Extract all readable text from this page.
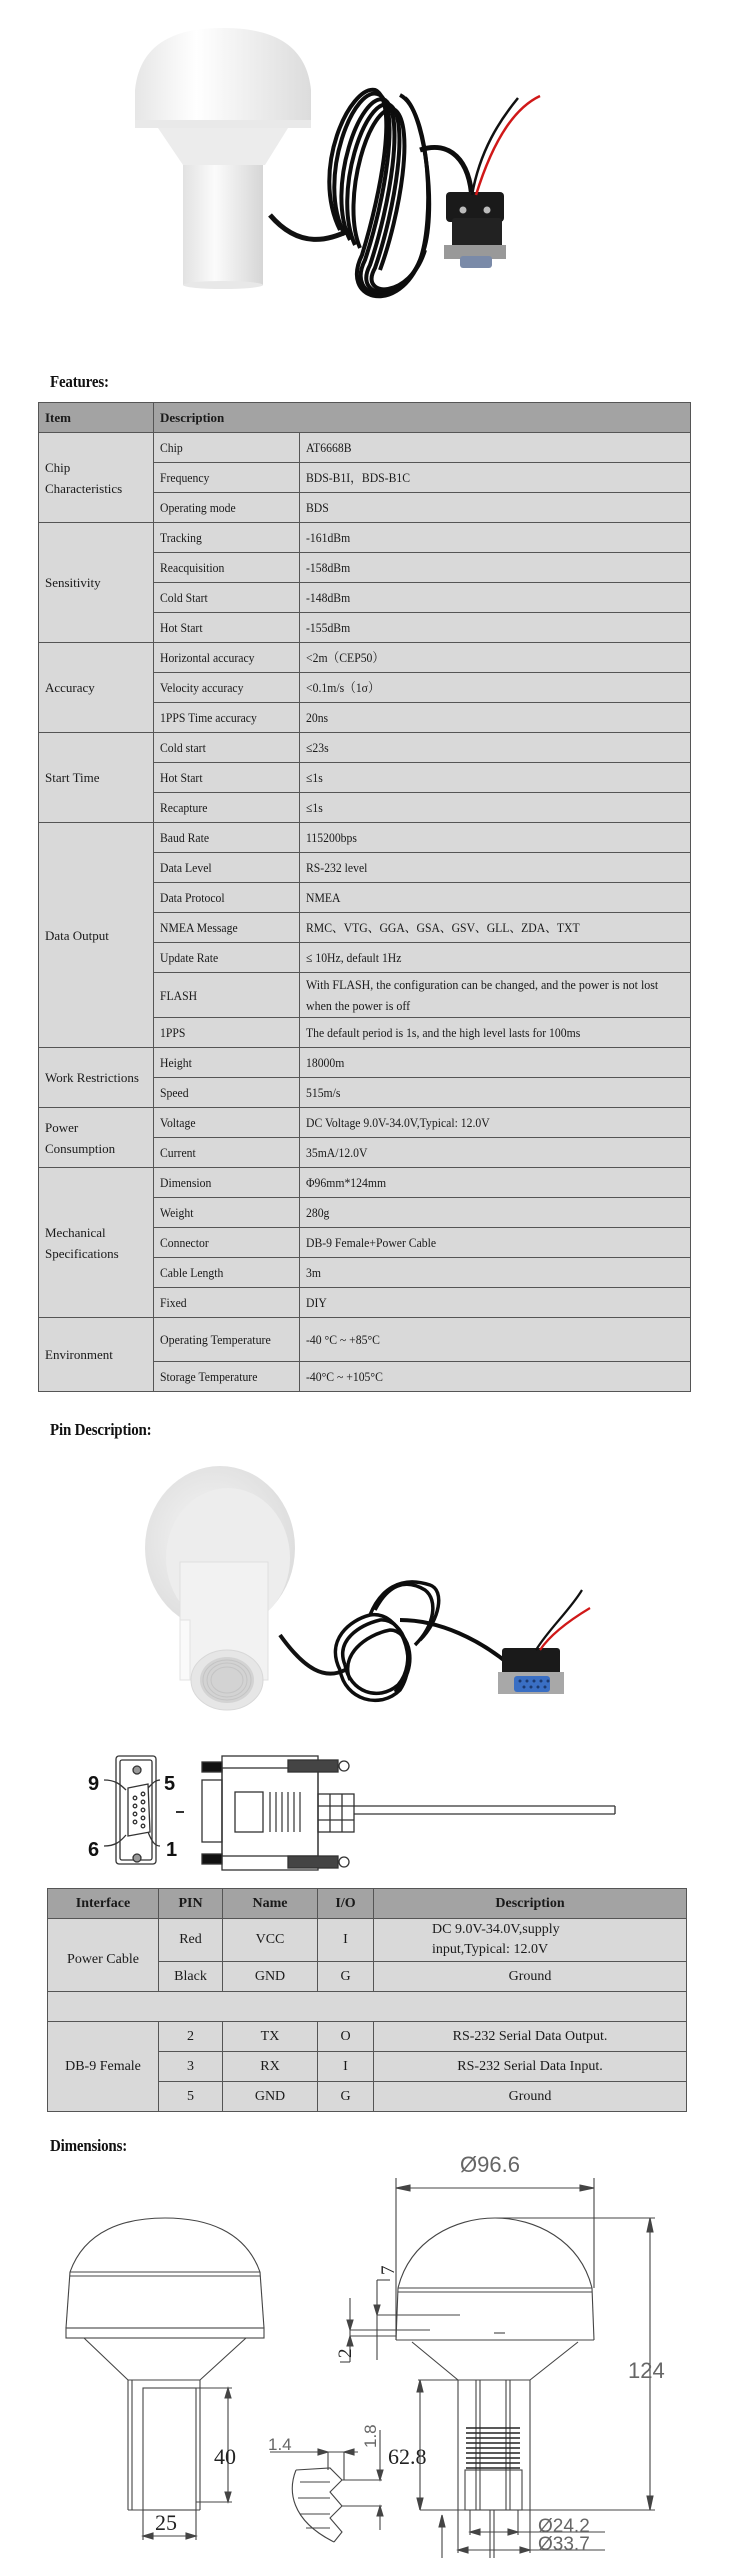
Features:
Item	Description	
Chip Characteristics	Chip	AT6668B
	Frequency	BDS-B1I，BDS-B1C
	Operating mode	BDS
Sensitivity	Tracking	-161dBm
	Reacquisition	-158dBm
	Cold Start	-148dBm
	Hot Start	-155dBm
Accuracy	Horizontal accuracy	<2m（CEP50）
	Velocity accuracy	<0.1m/s（1σ）
	1PPS Time accuracy	20ns
Start Time	Cold start	≤23s
	Hot Start	≤1s
	Recapture	≤1s
Data Output	Baud Rate	115200bps
	Data Level	RS-232 level
	Data Protocol	NMEA
	NMEA Message	RMC、VTG、GGA、GSA、GSV、GLL、ZDA、TXT
	Update Rate	≤ 10Hz, default 1Hz
	FLASH	With FLASH, the configuration can be changed, and the power is not lost when the power is off

	1PPS	The default period is 1s, and the high level lasts for 100ms
Work Restrictions	Height	18000m
	Speed	515m/s
Power Consumption	Voltage	DC Voltage 9.0V-34.0V,Typical: 12.0V
	Current	35mA/12.0V
Mechanical Specifications	Dimension	Φ96mm*124mm
	Weight	280g
	Connector	DB-9 Female+Power Cable
	Cable Length	3m
	Fixed	DIY
Environment	Operating Temperature	-40 °C ~ +85°C
	Storage Temperature	-40°C ~ +105°C
Pin Description:
9	5
6	1
Interface	PIN	Name	I/O	Description
Power Cable	Red	VCC	I	DC 9.0V-34.0V,supply input,Typical: 12.0V
	Black	GND	G	Ground

DB-9 Female	2	TX	O	RS-232 Serial Data Output.
	3	RX	I	RS-232 Serial Data Input.
	5	GND	G	Ground
Dimensions:
Ø96.6
124
Ø33.7
Ø24.2
1.4	1.8
40
25
62.8
7
2
